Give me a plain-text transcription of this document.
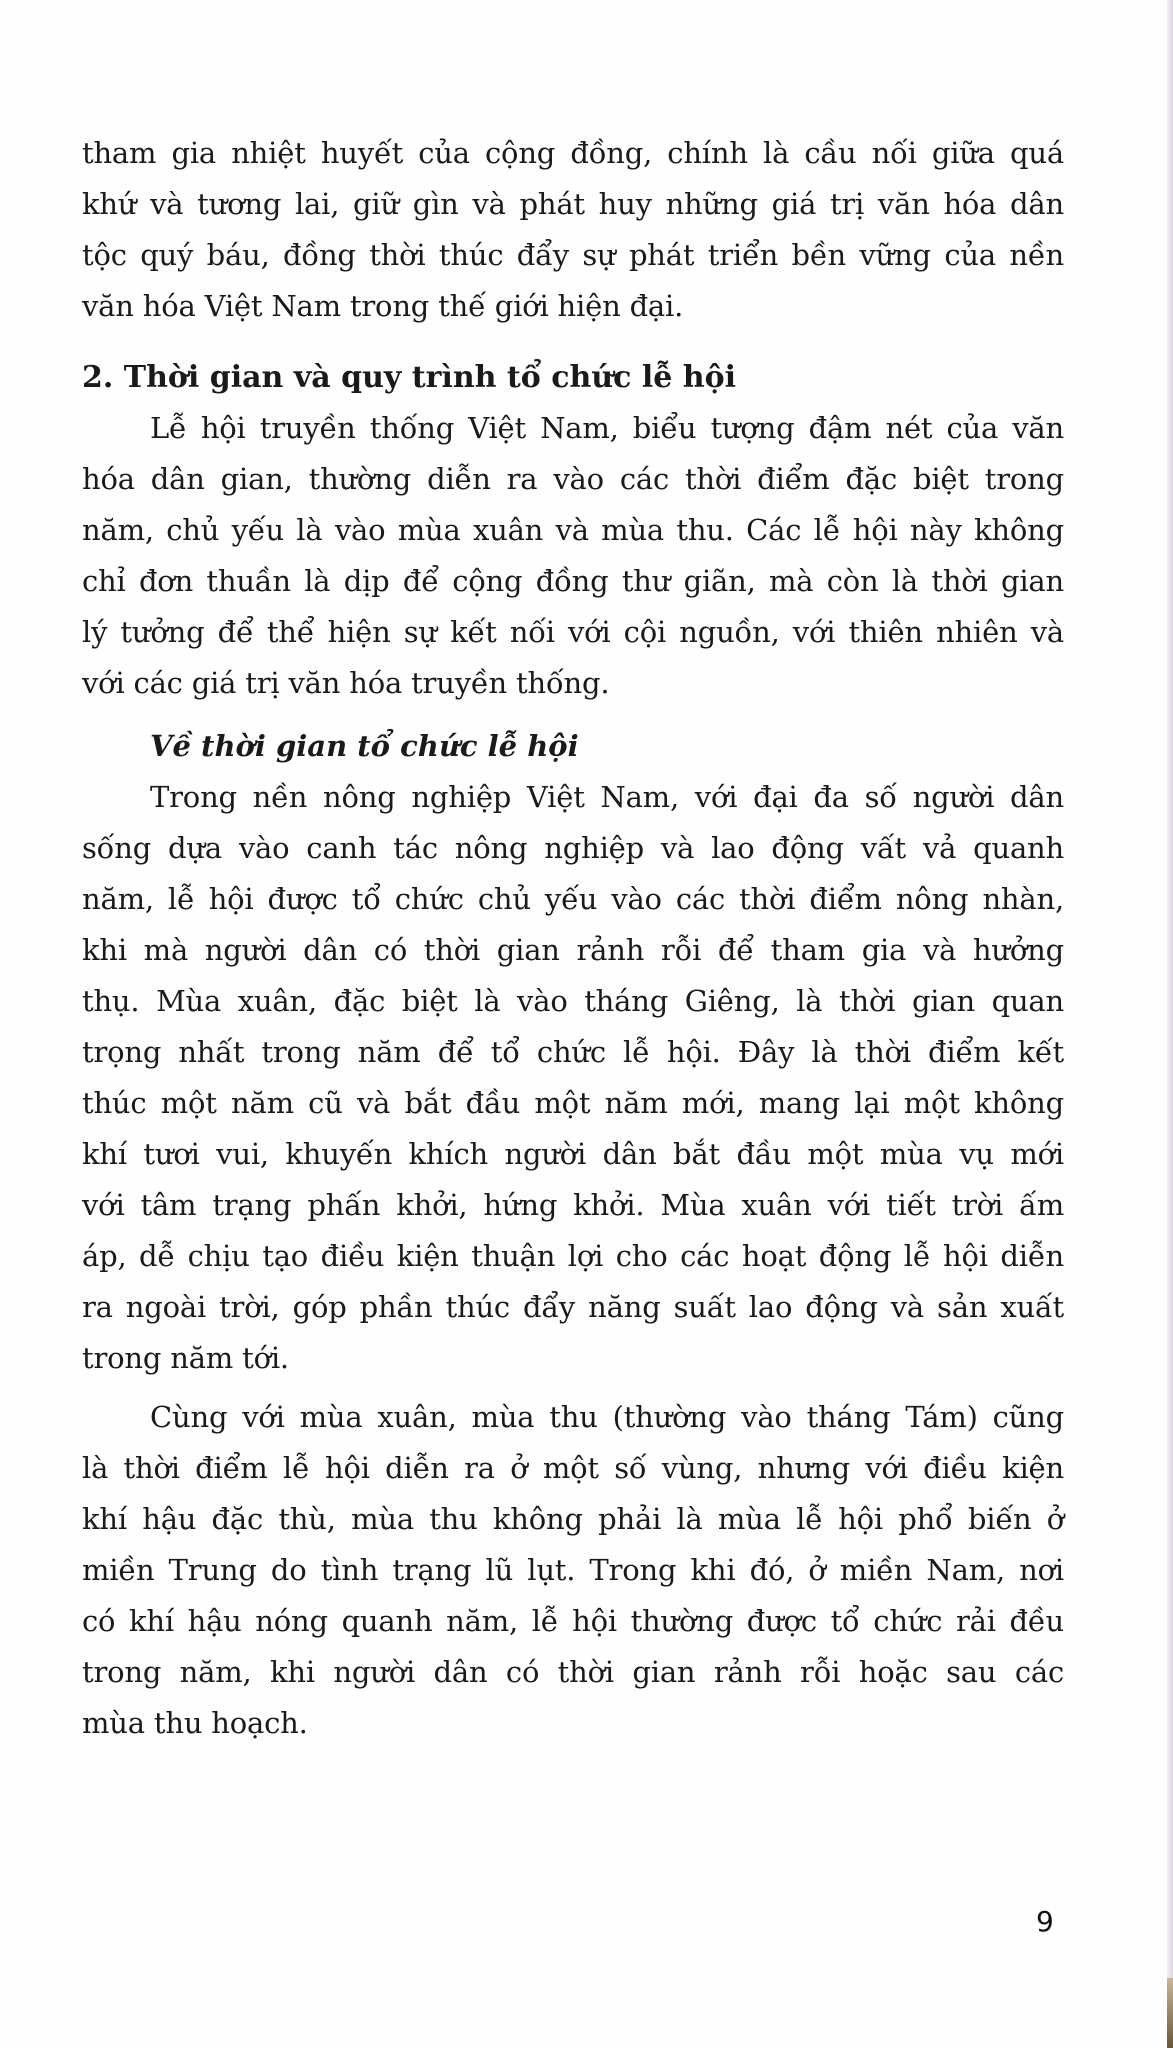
tham gia nhiệt huyết của cộng đồng, chính là cầu nối giữa quá
khứ và tương lai, giữ gìn và phát huy những giá trị văn hóa dân
tộc quý báu, đồng thời thúc đẩy sự phát triển bền vững của nền
văn hóa Việt Nam trong thế giới hiện đại.
2. Thời gian và quy trình tổ chức lễ hội
Lễ hội truyền thống Việt Nam, biểu tượng đậm nét của văn
hóa dân gian, thường diễn ra vào các thời điểm đặc biệt trong
năm, chủ yếu là vào mùa xuân và mùa thu. Các lễ hội này không
chỉ đơn thuần là dịp để cộng đồng thư giãn, mà còn là thời gian
lý tưởng để thể hiện sự kết nối với cội nguồn, với thiên nhiên và
với các giá trị văn hóa truyền thống.
Về thời gian tổ chức lễ hội
Trong nền nông nghiệp Việt Nam, với đại đa số người dân
sống dựa vào canh tác nông nghiệp và lao động vất vả quanh
năm, lễ hội được tổ chức chủ yếu vào các thời điểm nông nhàn,
khi mà người dân có thời gian rảnh rỗi để tham gia và hưởng
thụ. Mùa xuân, đặc biệt là vào tháng Giêng, là thời gian quan
trọng nhất trong năm để tổ chức lễ hội. Đây là thời điểm kết
thúc một năm cũ và bắt đầu một năm mới, mang lại một không
khí tươi vui, khuyến khích người dân bắt đầu một mùa vụ mới
với tâm trạng phấn khởi, hứng khởi. Mùa xuân với tiết trời ấm
áp, dễ chịu tạo điều kiện thuận lợi cho các hoạt động lễ hội diễn
ra ngoài trời, góp phần thúc đẩy năng suất lao động và sản xuất
trong năm tới.
Cùng với mùa xuân, mùa thu (thường vào tháng Tám) cũng
là thời điểm lễ hội diễn ra ở một số vùng, nhưng với điều kiện
khí hậu đặc thù, mùa thu không phải là mùa lễ hội phổ biến ở
miền Trung do tình trạng lũ lụt. Trong khi đó, ở miền Nam, nơi
có khí hậu nóng quanh năm, lễ hội thường được tổ chức rải đều
trong năm, khi người dân có thời gian rảnh rỗi hoặc sau các
mùa thu hoạch.
9
